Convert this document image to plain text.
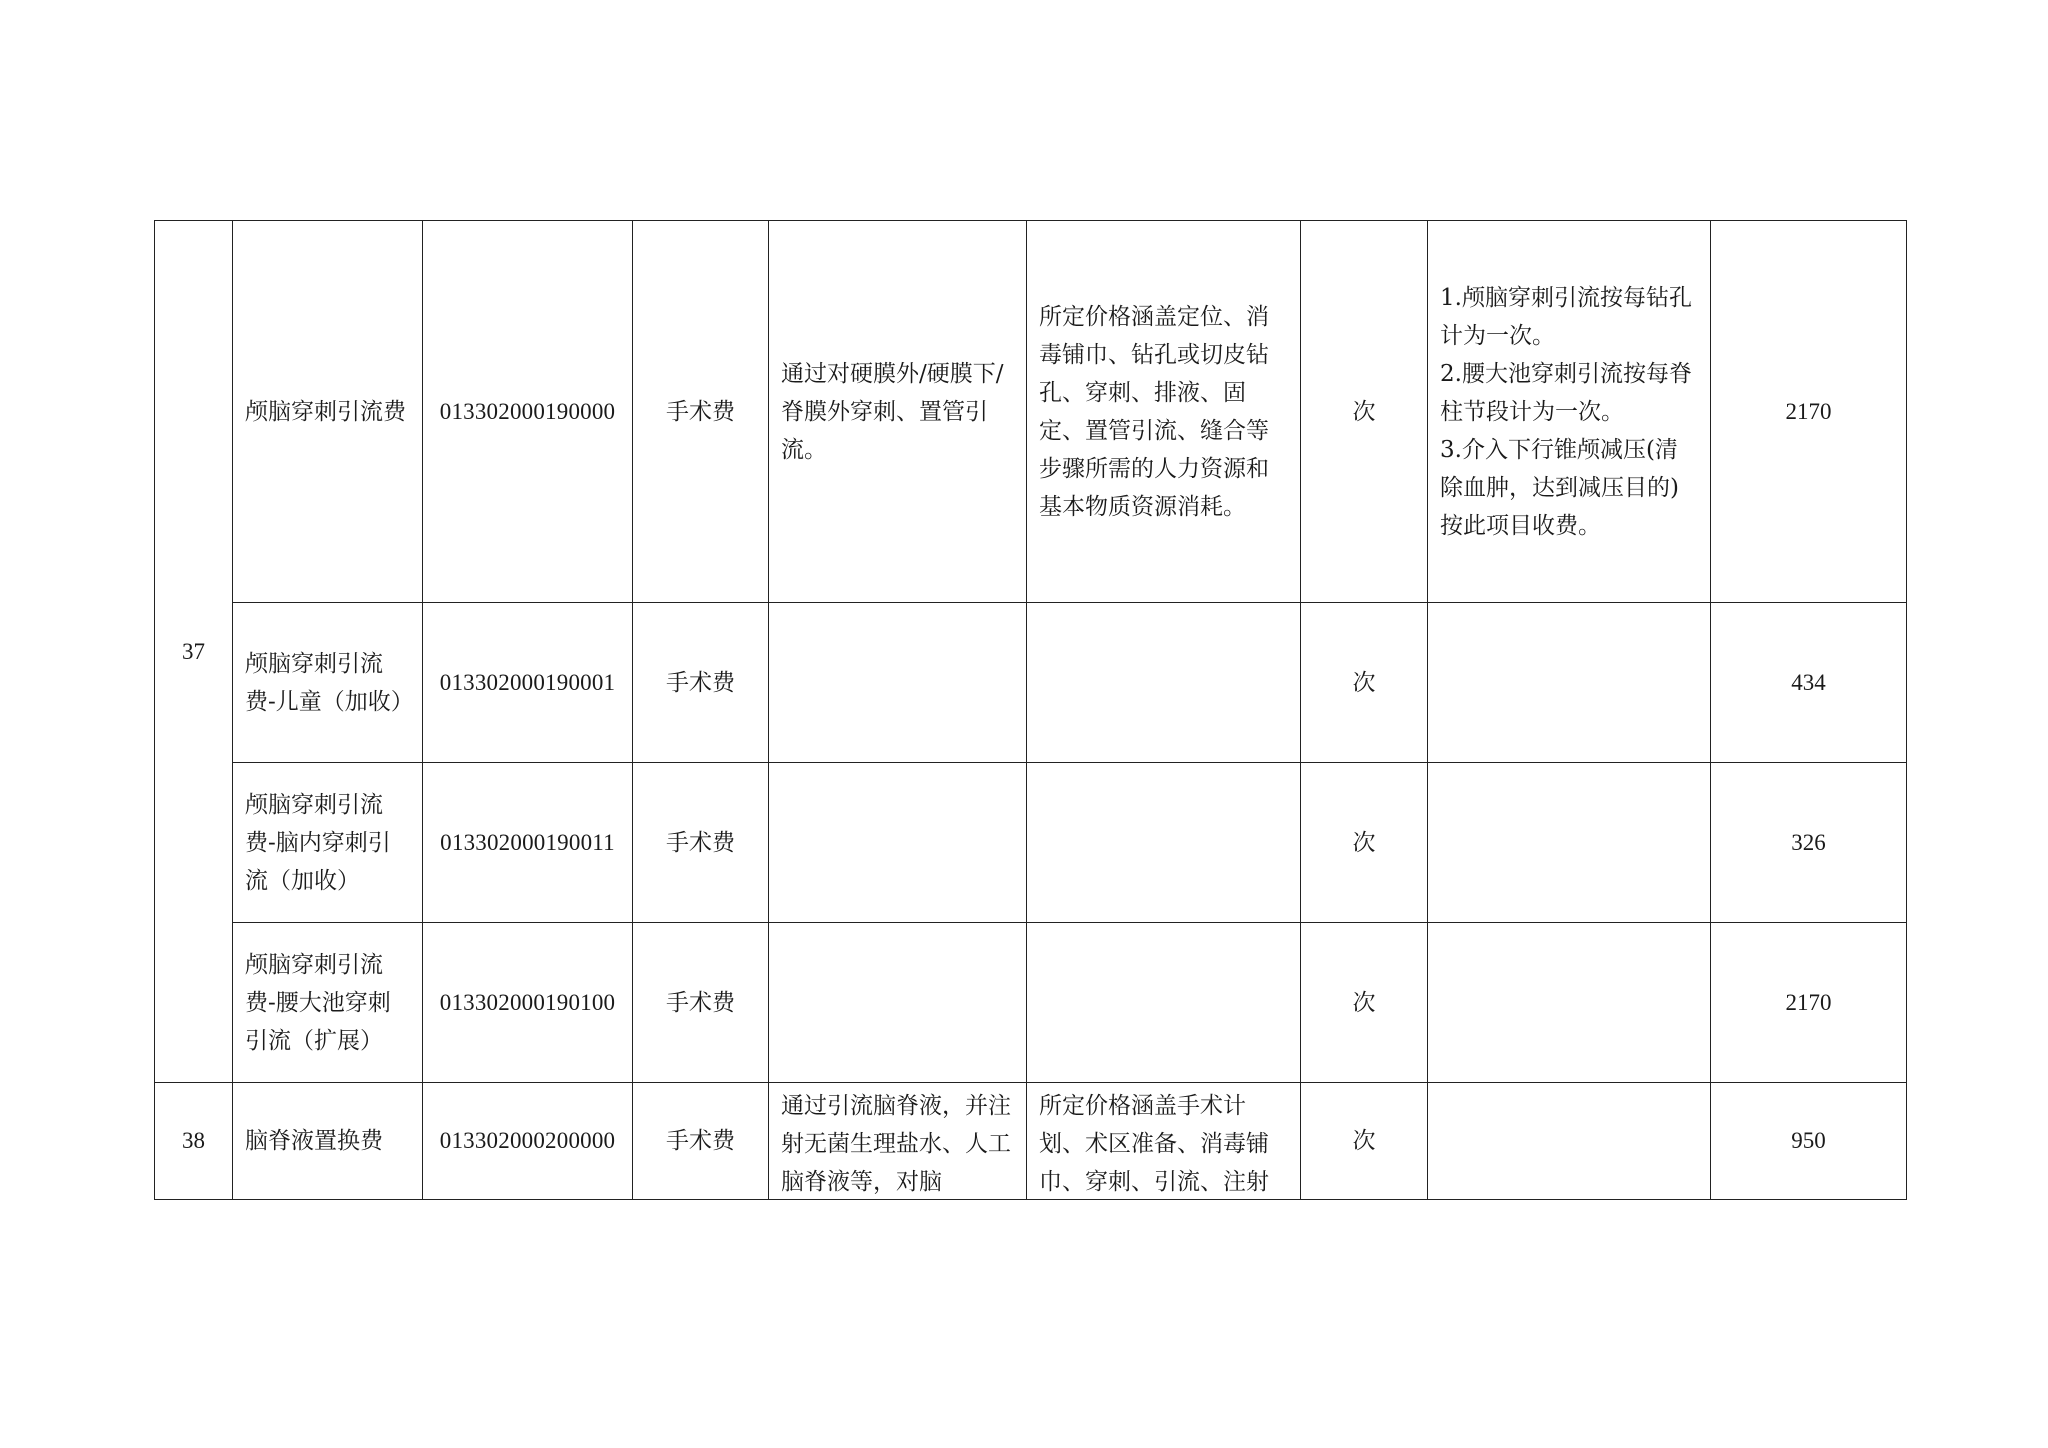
37	颅脑穿刺引流费	013302000190000	手术费	通过对硬膜外/硬膜下/脊膜外穿刺、置管引流。	所定价格涵盖定位、消毒铺巾、钻孔或切皮钻孔、穿刺、排液、固定、置管引流、缝合等步骤所需的人力资源和基本物质资源消耗。	次	1.颅脑穿刺引流按每钻孔计为一次。
2.腰大池穿刺引流按每脊柱节段计为一次。
3.介入下行锥颅减压(清除血肿，达到减压目的)按此项目收费。	2170
	颅脑穿刺引流费-儿童（加收）	013302000190001	手术费			次		434
	颅脑穿刺引流费-脑内穿刺引流（加收）	013302000190011	手术费			次		326
	颅脑穿刺引流费-腰大池穿刺引流（扩展）	013302000190100	手术费			次		2170
38	脑脊液置换费	013302000200000	手术费	通过引流脑脊液，并注射无菌生理盐水、人工脑脊液等，对脑	所定价格涵盖手术计划、术区准备、消毒铺巾、穿刺、引流、注射	次		950
